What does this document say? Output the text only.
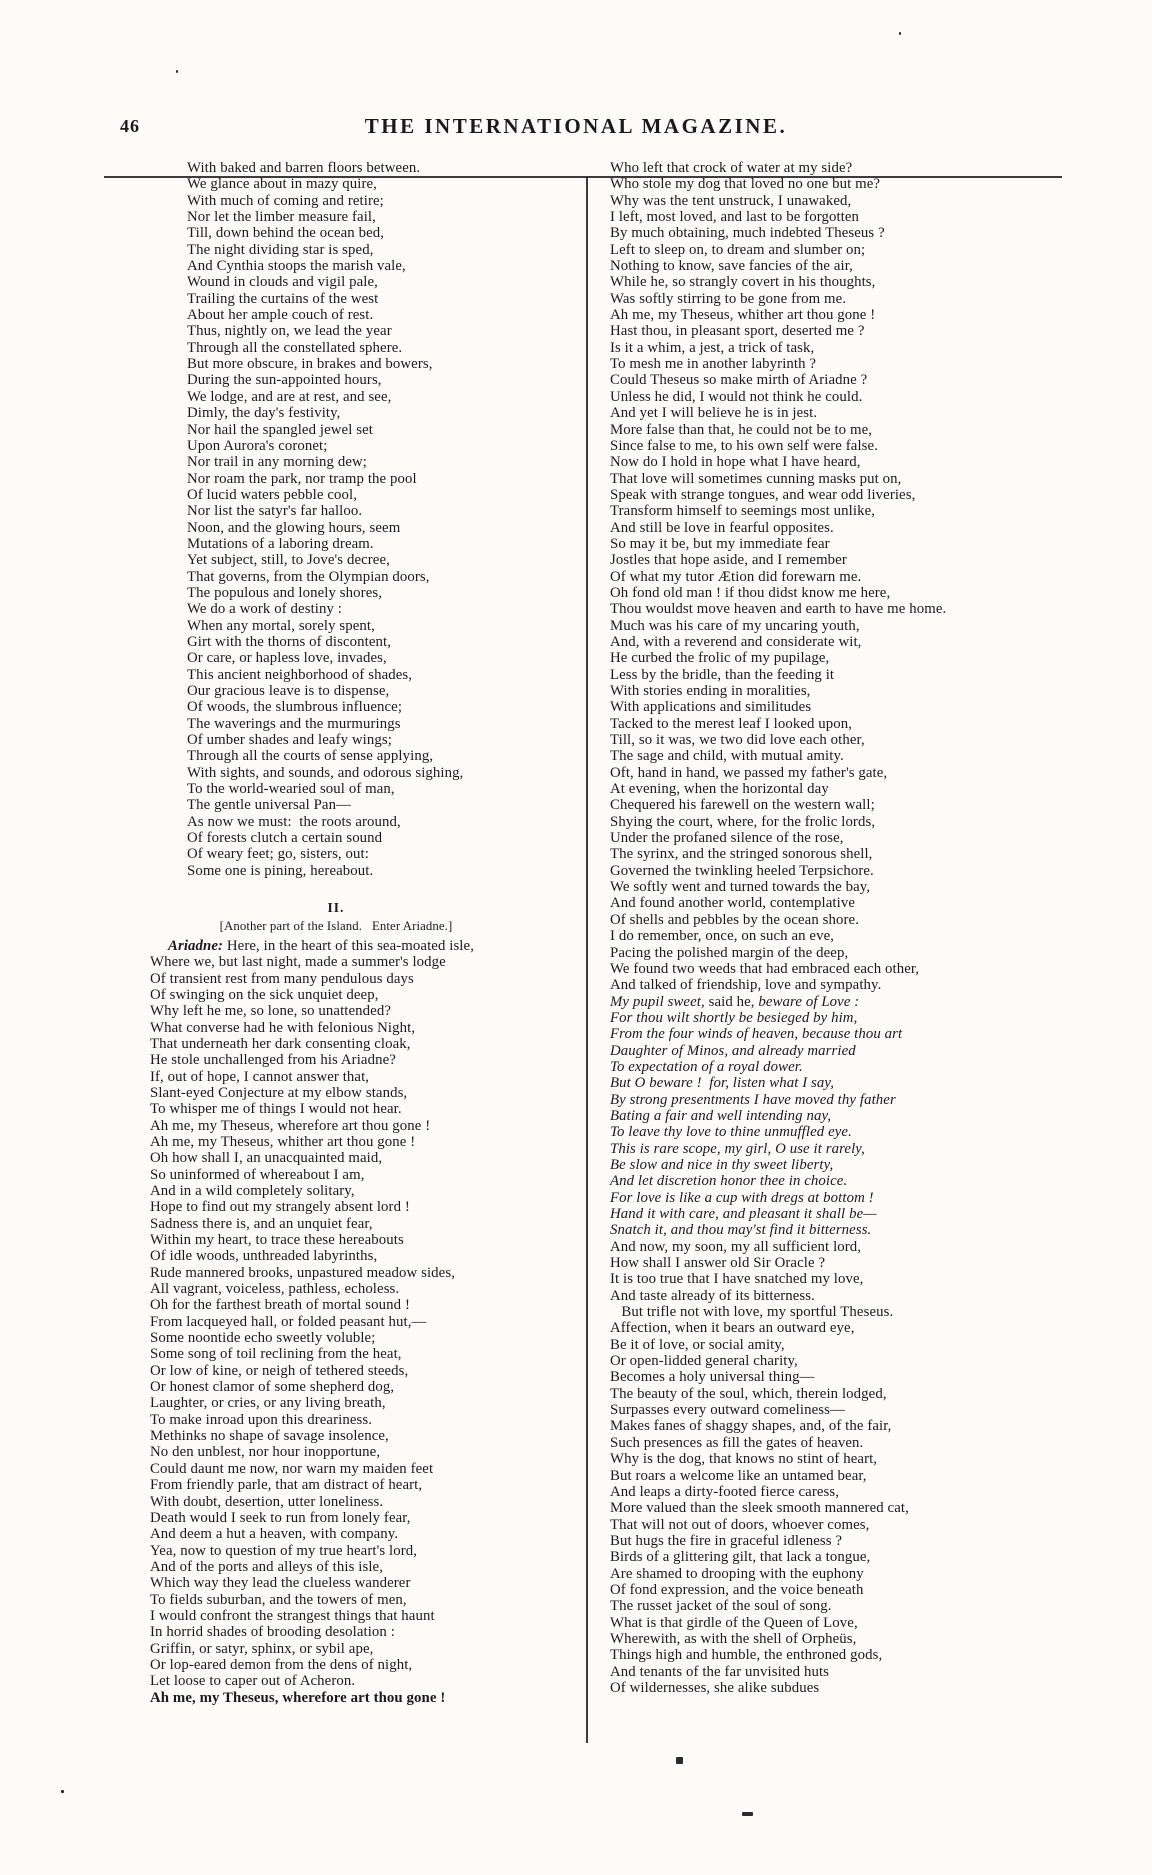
46	THE INTERNATIONAL MAGAZINE.
With baked and barren floors between.
We glance about in mazy quire,
With much of coming and retire;
Nor let the limber measure fail,
Till, down behind the ocean bed,
The night dividing star is sped,
And Cynthia stoops the marish vale,
Wound in clouds and vigil pale,
Trailing the curtains of the west
About her ample couch of rest.
Thus, nightly on, we lead the year
Through all the constellated sphere.
But more obscure, in brakes and bowers,
During the sun-appointed hours,
We lodge, and are at rest, and see,
Dimly, the day's festivity,
Nor hail the spangled jewel set
Upon Aurora's coronet;
Nor trail in any morning dew;
Nor roam the park, nor tramp the pool
Of lucid waters pebble cool,
Nor list the satyr's far halloo.
Noon, and the glowing hours, seem
Mutations of a laboring dream.
Yet subject, still, to Jove's decree,
That governs, from the Olympian doors,
The populous and lonely shores,
We do a work of destiny :
When any mortal, sorely spent,
Girt with the thorns of discontent,
Or care, or hapless love, invades,
This ancient neighborhood of shades,
Our gracious leave is to dispense,
Of woods, the slumbrous influence;
The waverings and the murmurings
Of umber shades and leafy wings;
Through all the courts of sense applying,
With sights, and sounds, and odorous sighing,
To the world-wearied soul of man,
The gentle universal Pan—
As now we must:  the roots around,
Of forests clutch a certain sound
Of weary feet; go, sisters, out:
Some one is pining, hereabout.
II.
[Another part of the Island.   Enter Ariadne.]
Ariadne: Here, in the heart of this sea-moated isle,
Where we, but last night, made a summer's lodge
Of transient rest from many pendulous days
Of swinging on the sick unquiet deep,
Why left he me, so lone, so unattended?
What converse had he with felonious Night,
That underneath her dark consenting cloak,
He stole unchallenged from his Ariadne?
If, out of hope, I cannot answer that,
Slant-eyed Conjecture at my elbow stands,
To whisper me of things I would not hear.
Ah me, my Theseus, wherefore art thou gone !
Ah me, my Theseus, whither art thou gone !
Oh how shall I, an unacquainted maid,
So uninformed of whereabout I am,
And in a wild completely solitary,
Hope to find out my strangely absent lord !
Sadness there is, and an unquiet fear,
Within my heart, to trace these hereabouts
Of idle woods, unthreaded labyrinths,
Rude mannered brooks, unpastured meadow sides,
All vagrant, voiceless, pathless, echoless.
Oh for the farthest breath of mortal sound !
From lacqueyed hall, or folded peasant hut,—
Some noontide echo sweetly voluble;
Some song of toil reclining from the heat,
Or low of kine, or neigh of tethered steeds,
Or honest clamor of some shepherd dog,
Laughter, or cries, or any living breath,
To make inroad upon this dreariness.
Methinks no shape of savage insolence,
No den unblest, nor hour inopportune,
Could daunt me now, nor warn my maiden feet
From friendly parle, that am distract of heart,
With doubt, desertion, utter loneliness.
Death would I seek to run from lonely fear,
And deem a hut a heaven, with company.
Yea, now to question of my true heart's lord,
And of the ports and alleys of this isle,
Which way they lead the clueless wanderer
To fields suburban, and the towers of men,
I would confront the strangest things that haunt
In horrid shades of brooding desolation :
Griffin, or satyr, sphinx, or sybil ape,
Or lop-eared demon from the dens of night,
Let loose to caper out of Acheron.
Ah me, my Theseus, wherefore art thou gone !
Who left that crock of water at my side?
Who stole my dog that loved no one but me?
Why was the tent unstruck, I unawaked,
I left, most loved, and last to be forgotten
By much obtaining, much indebted Theseus ?
Left to sleep on, to dream and slumber on;
Nothing to know, save fancies of the air,
While he, so strangly covert in his thoughts,
Was softly stirring to be gone from me.
Ah me, my Theseus, whither art thou gone !
Hast thou, in pleasant sport, deserted me ?
Is it a whim, a jest, a trick of task,
To mesh me in another labyrinth ?
Could Theseus so make mirth of Ariadne ?
Unless he did, I would not think he could.
And yet I will believe he is in jest.
More false than that, he could not be to me,
Since false to me, to his own self were false.
Now do I hold in hope what I have heard,
That love will sometimes cunning masks put on,
Speak with strange tongues, and wear odd liveries,
Transform himself to seemings most unlike,
And still be love in fearful opposites.
So may it be, but my immediate fear
Jostles that hope aside, and I remember
Of what my tutor Ætion did forewarn me.
Oh fond old man ! if thou didst know me here,
Thou wouldst move heaven and earth to have me home.
Much was his care of my uncaring youth,
And, with a reverend and considerate wit,
He curbed the frolic of my pupilage,
Less by the bridle, than the feeding it
With stories ending in moralities,
With applications and similitudes
Tacked to the merest leaf I looked upon,
Till, so it was, we two did love each other,
The sage and child, with mutual amity.
Oft, hand in hand, we passed my father's gate,
At evening, when the horizontal day
Chequered his farewell on the western wall;
Shying the court, where, for the frolic lords,
Under the profaned silence of the rose,
The syrinx, and the stringed sonorous shell,
Governed the twinkling heeled Terpsichore.
We softly went and turned towards the bay,
And found another world, contemplative
Of shells and pebbles by the ocean shore.
I do remember, once, on such an eve,
Pacing the polished margin of the deep,
We found two weeds that had embraced each other,
And talked of friendship, love and sympathy.
My pupil sweet, said he, beware of Love :
For thou wilt shortly be besieged by him,
From the four winds of heaven, because thou art
Daughter of Minos, and already married
To expectation of a royal dower.
But O beware !  for, listen what I say,
By strong presentments I have moved thy father
Bating a fair and well intending nay,
To leave thy love to thine unmuffled eye.
This is rare scope, my girl, O use it rarely,
Be slow and nice in thy sweet liberty,
And let discretion honor thee in choice.
For love is like a cup with dregs at bottom !
Hand it with care, and pleasant it shall be—
Snatch it, and thou may'st find it bitterness.
And now, my soon, my all sufficient lord,
How shall I answer old Sir Oracle ?
It is too true that I have snatched my love,
And taste already of its bitterness.
But trifle not with love, my sportful Theseus.
Affection, when it bears an outward eye,
Be it of love, or social amity,
Or open-lidded general charity,
Becomes a holy universal thing—
The beauty of the soul, which, therein lodged,
Surpasses every outward comeliness—
Makes fanes of shaggy shapes, and, of the fair,
Such presences as fill the gates of heaven.
Why is the dog, that knows no stint of heart,
But roars a welcome like an untamed bear,
And leaps a dirty-footed fierce caress,
More valued than the sleek smooth mannered cat,
That will not out of doors, whoever comes,
But hugs the fire in graceful idleness ?
Birds of a glittering gilt, that lack a tongue,
Are shamed to drooping with the euphony
Of fond expression, and the voice beneath
The russet jacket of the soul of song.
What is that girdle of the Queen of Love,
Wherewith, as with the shell of Orpheüs,
Things high and humble, the enthroned gods,
And tenants of the far unvisited huts
Of wildernesses, she alike subdues
